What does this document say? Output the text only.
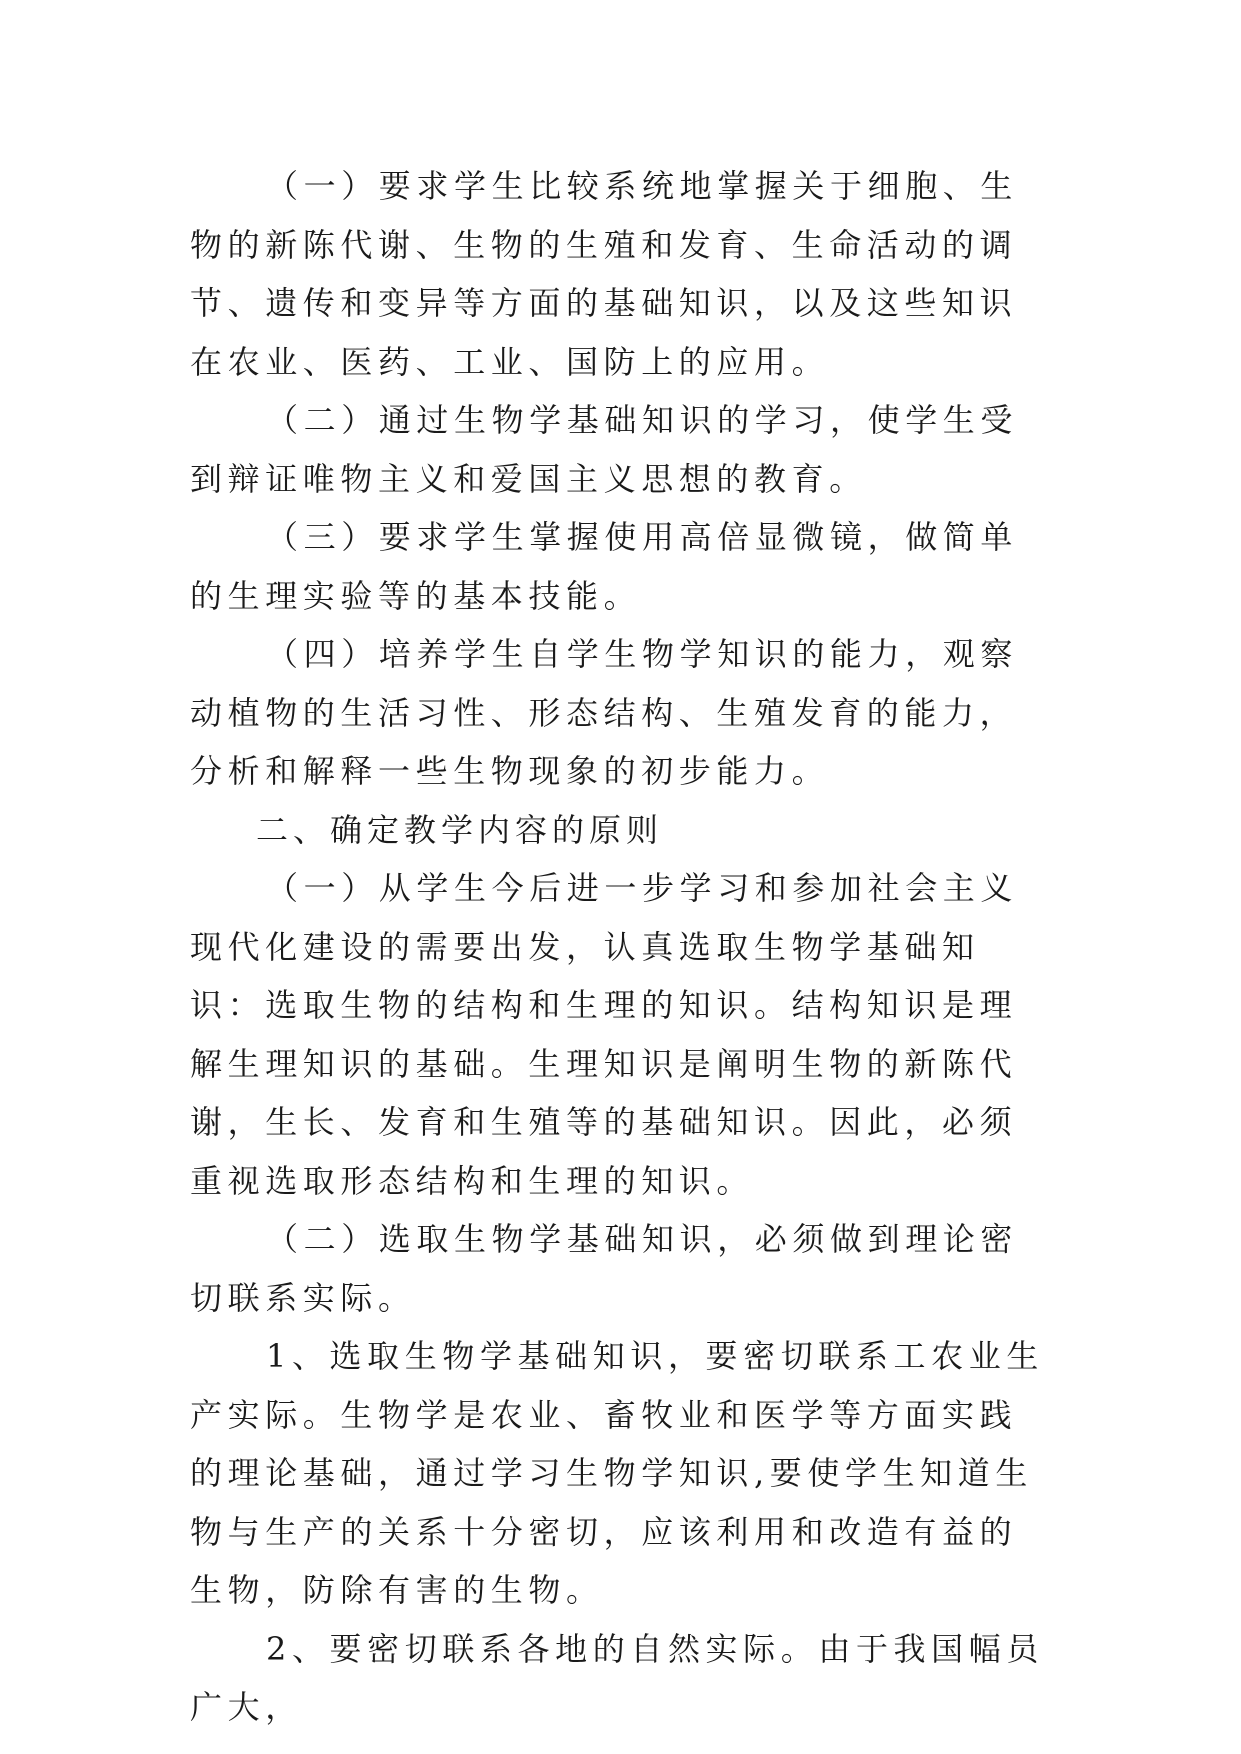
（一）要求学生比较系统地掌握关于细胞、生物的新陈代谢、生物的生殖和发育、生命活动的调节、遗传和变异等方面的基础知识，以及这些知识在农业、医药、工业、国防上的应用。

（二）通过生物学基础知识的学习，使学生受到辩证唯物主义和爱国主义思想的教育。

（三）要求学生掌握使用高倍显微镜，做简单的生理实验等的基本技能。

（四）培养学生自学生物学知识的能力，观察动植物的生活习性、形态结构、生殖发育的能力，分析和解释一些生物现象的初步能力。

二、确定教学内容的原则

（一）从学生今后进一步学习和参加社会主义现代化建设的需要出发，认真选取生物学基础知识：选取生物的结构和生理的知识。结构知识是理解生理知识的基础。生理知识是阐明生物的新陈代谢，生长、发育和生殖等的基础知识。因此，必须重视选取形态结构和生理的知识。

（二）选取生物学基础知识，必须做到理论密切联系实际。

1、选取生物学基础知识，要密切联系工农业生产实际。生物学是农业、畜牧业和医学等方面实践的理论基础，通过学习生物学知识,要使学生知道生物与生产的关系十分密切，应该利用和改造有益的生物，防除有害的生物。

2、要密切联系各地的自然实际。由于我国幅员广大，
